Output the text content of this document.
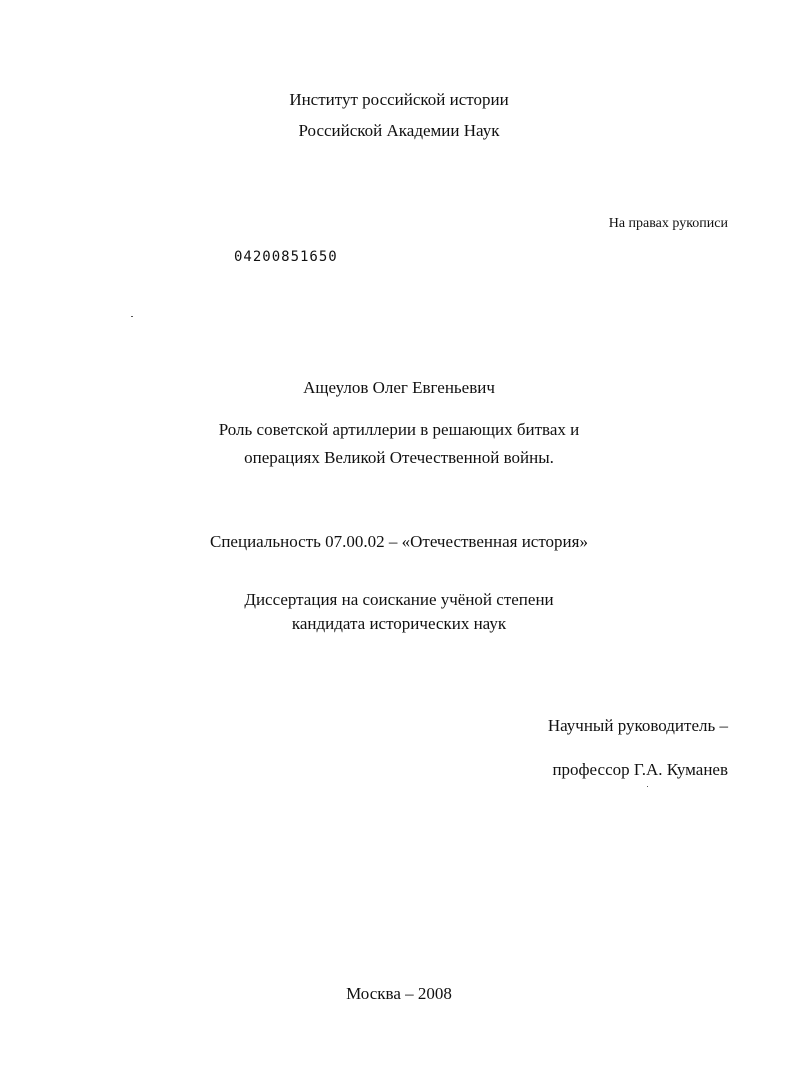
Институт российской истории
Российской Академии Наук
На правах рукописи
04200851650
Ащеулов Олег Евгеньевич
Роль советской артиллерии в решающих битвах и
операциях Великой Отечественной войны.
Специальность 07.00.02 – «Отечественная история»
Диссертация на соискание учёной степени
кандидата исторических наук
Научный руководитель –
профессор Г.А. Куманев
Москва – 2008
